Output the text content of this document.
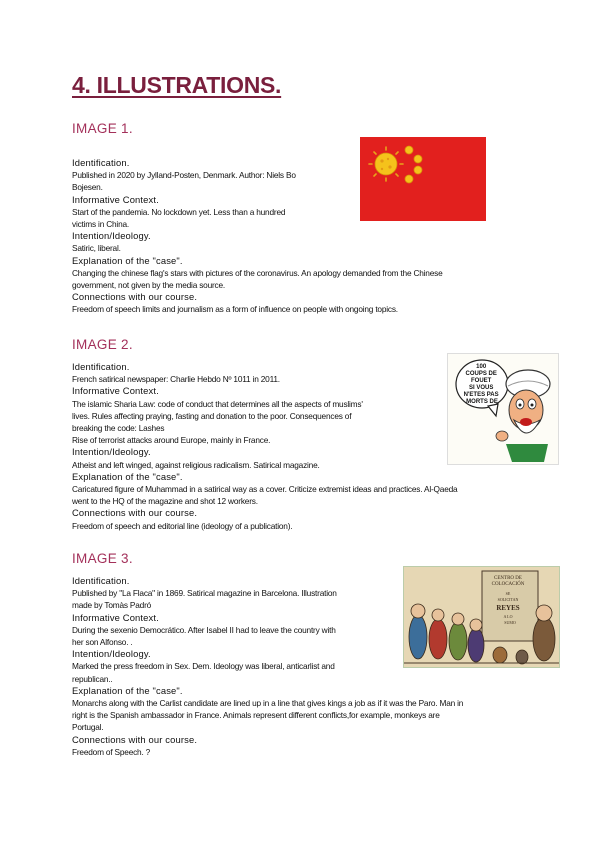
4. ILLUSTRATIONS.
IMAGE 1.
Identification.
Published in 2020 by Jylland-Posten, Denmark. Author: Niels Bo
Bojesen.
Informative Context.
Start of the pandemia. No lockdown yet. Less than a hundred
victims in China.
Intention/Ideology.
Satiric, liberal.
Explanation of the "case".
Changing the chinese flag's stars with pictures of the coronavirus. An apology demanded from the Chinese
government, not given by the media source.
Connections with our course.
Freedom of speech limits and journalism as a form of influence on people with ongoing topics.
IMAGE 2.
Identification.
French satirical newspaper: Charlie Hebdo Nº 1011 in 2011.
Informative Context.
The islamic Sharia Law: code of conduct that determines all the aspects of muslims'
lives. Rules affecting praying, fasting and donation to the poor. Consequences of
breaking the code: Lashes
Rise of terrorist attacks around Europe, mainly in France.
Intention/Ideology.
Atheist and left winged, against religious radicalism. Satirical magazine.
Explanation of the "case".
Caricatured figure of Muhammad in a satirical way as a cover. Criticize extremist ideas and practices. Al-Qaeda
went to the HQ of the magazine and shot 12 workers.
Connections with our course.
Freedom of speech and editorial line (ideology of a publication).
IMAGE 3.
Identification.
Published by "La Flaca" in 1869. Satirical magazine in Barcelona. Illustration
made by Tomàs Padró
Informative Context.
During the sexenio Democrático. After Isabel II had to leave the country with
her son Alfonso. .
Intention/Ideology.
Marked the press freedom in Sex. Dem. Ideology was liberal, anticarlist and
republican..
Explanation of the "case".
Monarchs along with the Carlist candidate are lined up in a line that gives kings a job as if it was the Paro. Man in
right is the Spanish ambassador in France. Animals represent different conflicts,for example, monkeys are
Portugal.
Connections with our course.
Freedom of Speech. ?
100 COUPS DE FOUET SI VOUS N'ETES PAS MORTS DE
CENTRO DE COLOCACIÓN SE SOLICITAN REYES A LO SUMO
